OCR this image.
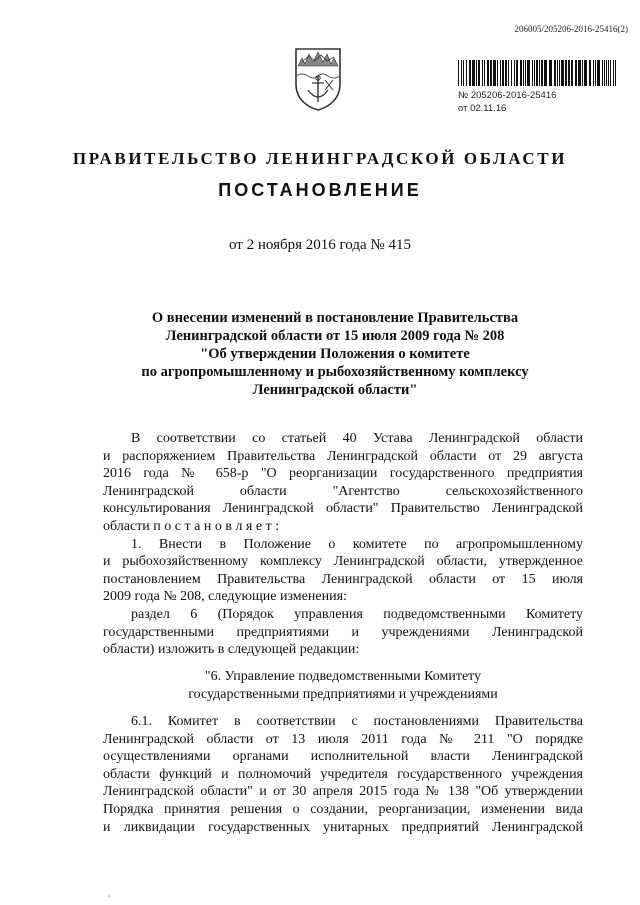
206005/205206-2016-25416(2)
№ 205206-2016-25416
от 02.11.16
ПРАВИТЕЛЬСТВО ЛЕНИНГРАДСКОЙ ОБЛАСТИ
ПОСТАНОВЛЕНИЕ
от 2 ноября 2016 года № 415
О внесении изменений в постановление Правительства
Ленинградской области от 15 июля 2009 года № 208
"Об утверждении Положения о комитете
по агропромышленному и рыбохозяйственному комплексу
Ленинградской области"
В соответствии со статьей 40 Устава Ленинградской области
и распоряжением Правительства Ленинградской области от 29 августа
2016 года № 658-р "О реорганизации государственного предприятия
Ленинградской области "Агентство сельскохозяйственного
консультирования Ленинградской области" Правительство Ленинградской
области п о с т а н о в л я е т :
1. Внести в Положение о комитете по агропромышленному
и рыбохозяйственному комплексу Ленинградской области, утвержденное
постановлением Правительства Ленинградской области от 15 июля
2009 года № 208, следующие изменения:
раздел 6 (Порядок управления подведомственными Комитету
государственными предприятиями и учреждениями Ленинградской
области) изложить в следующей редакции:
"6. Управление подведомственными Комитету
государственными предприятиями и учреждениями
6.1. Комитет в соответствии с постановлениями Правительства
Ленинградской области от 13 июля 2011 года № 211 "О порядке
осуществлениями органами исполнительной власти Ленинградской
области функций и полномочий учредителя государственного учреждения
Ленинградской области" и от 30 апреля 2015 года № 138 "Об утверждении
Порядка принятия решения о создании, реорганизации, изменении вида
и ликвидации государственных унитарных предприятий Ленинградской
·
